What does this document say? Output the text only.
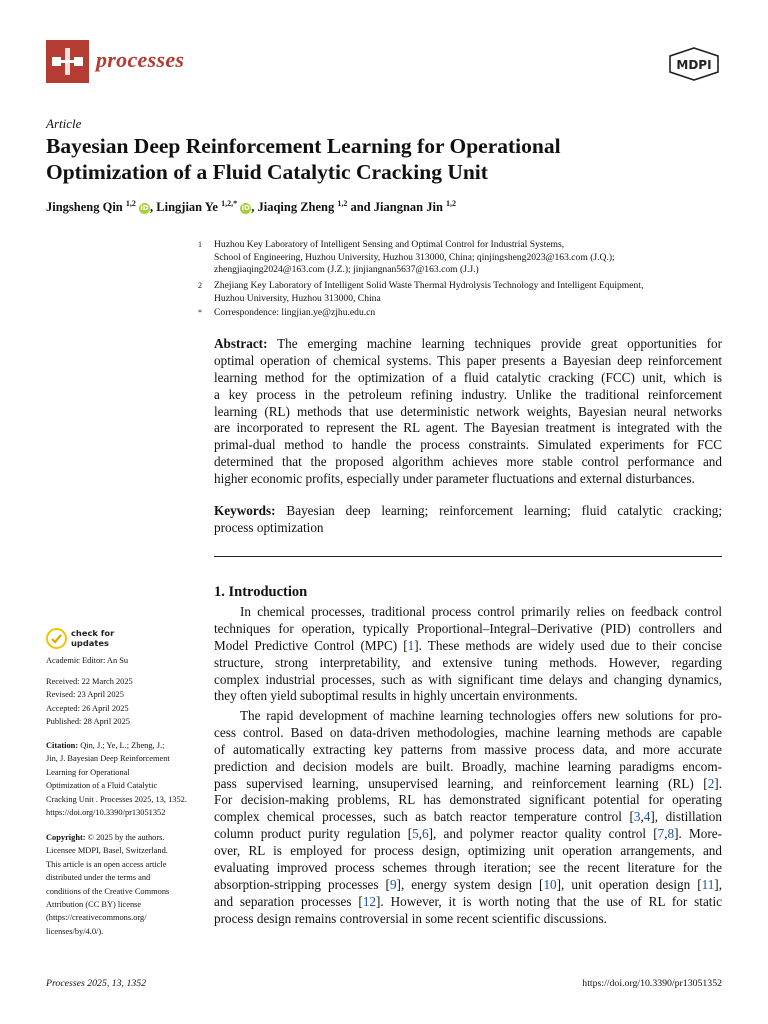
processes	MDPI
Article
Bayesian Deep Reinforcement Learning for Operational
Optimization of a Fluid Catalytic Cracking Unit
Jingsheng Qin $^{1,2}$ iD, Lingjian Ye $^{1,2,*}$ iD, Jiaqing Zheng $^{1,2}$ and Jiangnan Jin $^{1,2}$
1 Huzhou Key Laboratory of Intelligent Sensing and Optimal Control for Industrial Systems,
School of Engineering, Huzhou University, Huzhou 313000, China; qinjingsheng2023@163.com (J.Q.);
zhengjiaqing2024@163.com (J.Z.); jinjiangnan5637@163.com (J.J.)
2 Zhejiang Key Laboratory of Intelligent Solid Waste Thermal Hydrolysis Technology and Intelligent Equipment,
Huzhou University, Huzhou 313000, China
* Correspondence: lingjian.ye@zjhu.edu.cn
Abstract: The emerging machine learning techniques provide great opportunities for
optimal operation of chemical systems. This paper presents a Bayesian deep reinforcement
learning method for the optimization of a fluid catalytic cracking (FCC) unit, which is
a key process in the petroleum refining industry. Unlike the traditional reinforcement
learning (RL) methods that use deterministic network weights, Bayesian neural networks
are incorporated to represent the RL agent. The Bayesian treatment is integrated with the
primal-dual method to handle the process constraints. Simulated experiments for FCC
determined that the proposed algorithm achieves more stable control performance and
higher economic profits, especially under parameter fluctuations and external disturbances.
Keywords: Bayesian deep learning; reinforcement learning; fluid catalytic cracking;
process optimization
1. Introduction
In chemical processes, traditional process control primarily relies on feedback control
techniques for operation, typically Proportional–Integral–Derivative (PID) controllers and
Model Predictive Control (MPC) [1]. These methods are widely used due to their concise
structure, strong interpretability, and extensive tuning methods. However, regarding
complex industrial processes, such as with significant time delays and changing dynamics,
they often yield suboptimal results in highly uncertain environments.
The rapid development of machine learning technologies offers new solutions for pro-
cess control. Based on data-driven methodologies, machine learning methods are capable
of automatically extracting key patterns from massive process data, and more accurate
prediction and decision models are built. Broadly, machine learning paradigms encom-
pass supervised learning, unsupervised learning, and reinforcement learning (RL) [2].
For decision-making problems, RL has demonstrated significant potential for operating
complex chemical processes, such as batch reactor temperature control [3,4], distillation
column product purity regulation [5,6], and polymer reactor quality control [7,8]. More-
over, RL is employed for process design, optimizing unit operation arrangements, and
evaluating improved process schemes through iteration; see the recent literature for the
absorption-stripping processes [9], energy system design [10], unit operation design [11],
and separation processes [12]. However, it is worth noting that the use of RL for static
process design remains controversial in some recent scientific discussions.
check for
updates
Academic Editor: An Su
Received: 22 March 2025
Revised: 23 April 2025
Accepted: 26 April 2025
Published: 28 April 2025
Citation: Qin, J.; Ye, L.; Zheng, J.;
Jin, J. Bayesian Deep Reinforcement
Learning for Operational
Optimization of a Fluid Catalytic
Cracking Unit . Processes 2025, 13, 1352.
https://doi.org/10.3390/pr13051352
Copyright: © 2025 by the authors.
Licensee MDPI, Basel, Switzerland.
This article is an open access article
distributed under the terms and
conditions of the Creative Commons
Attribution (CC BY) license
(https://creativecommons.org/
licenses/by/4.0/).
Processes 2025, 13, 1352	https://doi.org/10.3390/pr13051352
